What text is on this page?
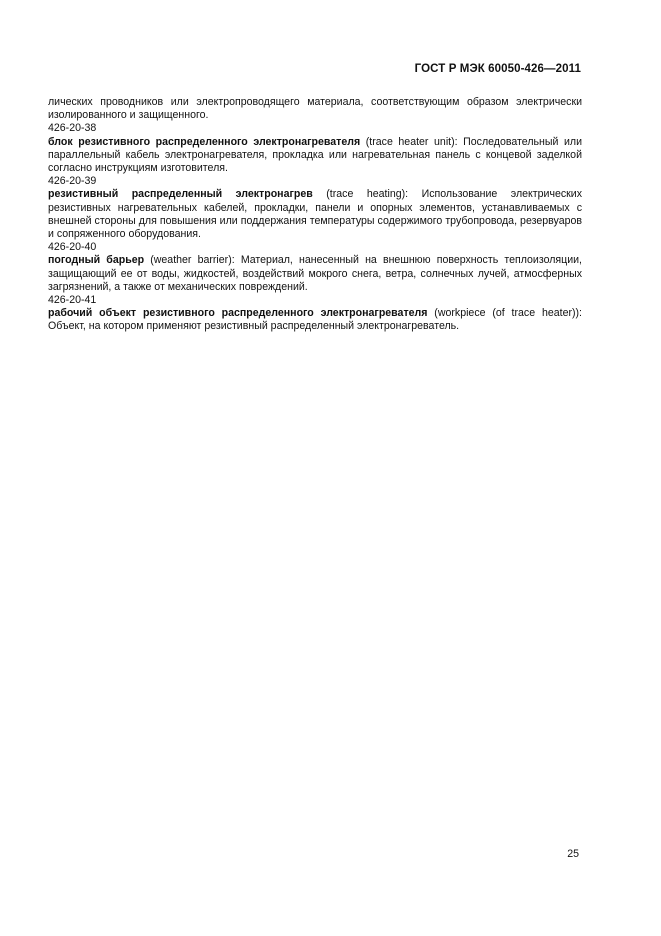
ГОСТ Р МЭК 60050-426—2011

лических проводников или электропроводящего материала, соответствующим образом электрически изолированного и защищенного.

426-20-38

блок резистивного распределенного электронагревателя (trace heater unit): Последовательный или параллельный кабель электронагревателя, прокладка или нагревательная панель с концевой заделкой согласно инструкциям изготовителя.

426-20-39

резистивный распределенный электронагрев (trace heating): Использование электрических резистивных нагревательных кабелей, прокладки, панели и опорных элементов, устанавливаемых с внешней стороны для повышения или поддержания температуры содержимого трубопровода, резервуаров и сопряженного оборудования.

426-20-40

погодный барьер (weather barrier): Материал, нанесенный на внешнюю поверхность теплоизоляции, защищающий ее от воды, жидкостей, воздействий мокрого снега, ветра, солнечных лучей, атмосферных загрязнений, а также от механических повреждений.

426-20-41

рабочий объект резистивного распределенного электронагревателя (workpiece (of trace heater)): Объект, на котором применяют резистивный распределенный электронагреватель.

25
